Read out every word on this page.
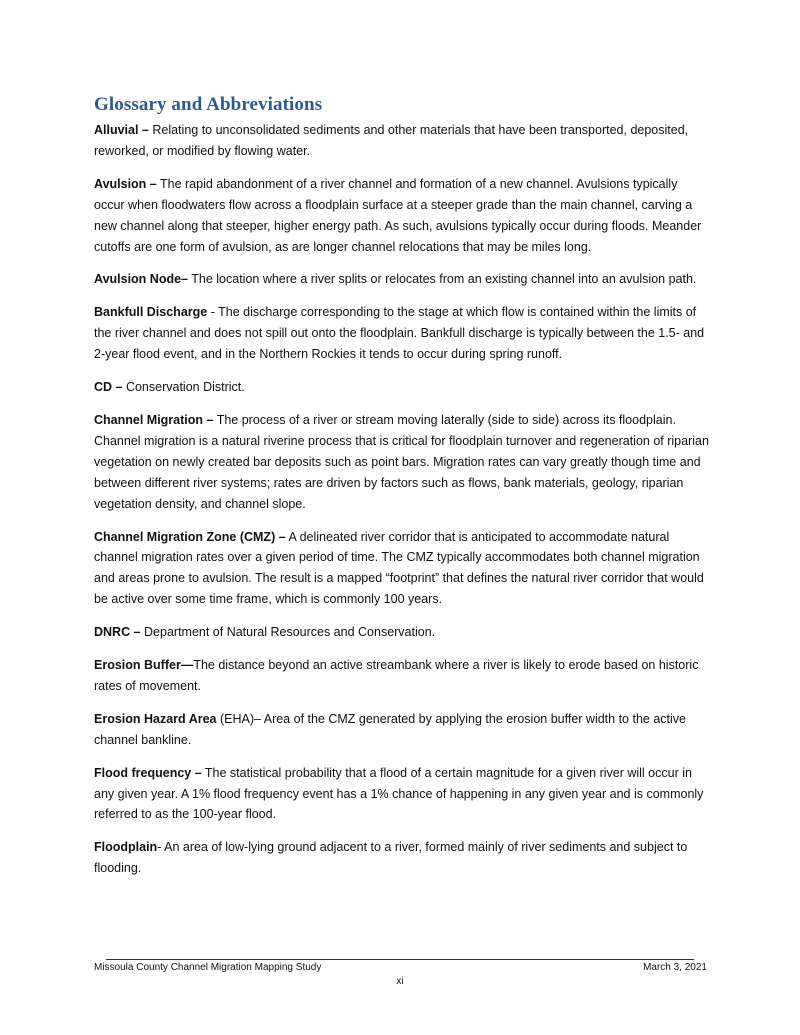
Glossary and Abbreviations

Alluvial – Relating to unconsolidated sediments and other materials that have been transported, deposited, reworked, or modified by flowing water.

Avulsion – The rapid abandonment of a river channel and formation of a new channel. Avulsions typically occur when floodwaters flow across a floodplain surface at a steeper grade than the main channel, carving a new channel along that steeper, higher energy path. As such, avulsions typically occur during floods. Meander cutoffs are one form of avulsion, as are longer channel relocations that may be miles long.

Avulsion Node– The location where a river splits or relocates from an existing channel into an avulsion path.

Bankfull Discharge - The discharge corresponding to the stage at which flow is contained within the limits of the river channel and does not spill out onto the floodplain. Bankfull discharge is typically between the 1.5- and 2-year flood event, and in the Northern Rockies it tends to occur during spring runoff.

CD – Conservation District.

Channel Migration – The process of a river or stream moving laterally (side to side) across its floodplain. Channel migration is a natural riverine process that is critical for floodplain turnover and regeneration of riparian vegetation on newly created bar deposits such as point bars. Migration rates can vary greatly though time and between different river systems; rates are driven by factors such as flows, bank materials, geology, riparian vegetation density, and channel slope.

Channel Migration Zone (CMZ) – A delineated river corridor that is anticipated to accommodate natural channel migration rates over a given period of time. The CMZ typically accommodates both channel migration and areas prone to avulsion. The result is a mapped “footprint” that defines the natural river corridor that would be active over some time frame, which is commonly 100 years.

DNRC – Department of Natural Resources and Conservation.

Erosion Buffer—The distance beyond an active streambank where a river is likely to erode based on historic rates of movement.

Erosion Hazard Area (EHA)– Area of the CMZ generated by applying the erosion buffer width to the active channel bankline.

Flood frequency – The statistical probability that a flood of a certain magnitude for a given river will occur in any given year. A 1% flood frequency event has a 1% chance of happening in any given year and is commonly referred to as the 100-year flood.

Floodplain- An area of low-lying ground adjacent to a river, formed mainly of river sediments and subject to flooding.

Missoula County Channel Migration Mapping Study	March 3, 2021
xi
